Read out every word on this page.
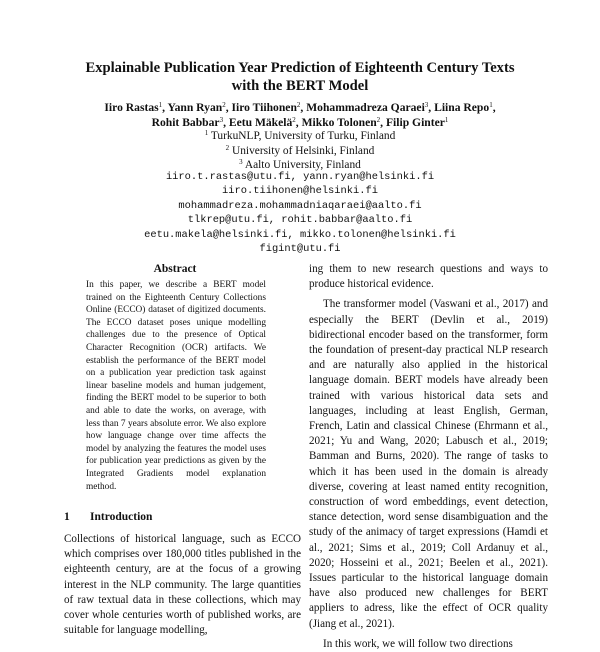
Explainable Publication Year Prediction of Eighteenth Century Texts
with the BERT Model
Iiro Rastas$^1$, Yann Ryan$^2$, Iiro Tiihonen$^2$, Mohammadreza Qaraei$^3$, Liina Repo$^1$,
Rohit Babbar$^3$, Eetu Mäkelä$^2$, Mikko Tolonen$^2$, Filip Ginter$^1$
$^1$ TurkuNLP, University of Turku, Finland
$^2$ University of Helsinki, Finland
$^3$ Aalto University, Finland
iiro.t.rastas@utu.fi, yann.ryan@helsinki.fi
iiro.tiihonen@helsinki.fi
mohammadreza.mohammadniaqaraei@aalto.fi
tlkrep@utu.fi, rohit.babbar@aalto.fi
eetu.makela@helsinki.fi, mikko.tolonen@helsinki.fi
figint@utu.fi
Abstract

In this paper, we describe a BERT model trained on the Eighteenth Century Collections Online (ECCO) dataset of digitized documents. The ECCO dataset poses unique modelling challenges due to the presence of Optical Character Recognition (OCR) artifacts. We establish the performance of the BERT model on a publication year prediction task against linear baseline models and human judgement, finding the BERT model to be superior to both and able to date the works, on average, with less than 7 years absolute error. We also explore how language change over time affects the model by analyzing the features the model uses for publication year predictions as given by the Integrated Gradients model explanation method.

1 Introduction

Collections of historical language, such as ECCO which comprises over 180,000 titles published in the eighteenth century, are at the focus of a growing interest in the NLP community. The large quantities of raw textual data in these collections, which may cover whole centuries worth of published works, are suitable for language modelling,

ing them to new research questions and ways to produce historical evidence.

The transformer model (Vaswani et al., 2017) and especially the BERT (Devlin et al., 2019) bidirectional encoder based on the transformer, form the foundation of present-day practical NLP research and are naturally also applied in the historical language domain. BERT models have already been trained with various historical data sets and languages, including at least English, German, French, Latin and classical Chinese (Ehrmann et al., 2021; Yu and Wang, 2020; Labusch et al., 2019; Bamman and Burns, 2020). The range of tasks to which it has been used in the domain is already diverse, covering at least named entity recognition, construction of word embeddings, event detection, stance detection, word sense disambiguation and the study of the animacy of target expressions (Hamdi et al., 2021; Sims et al., 2019; Coll Ardanuy et al., 2020; Hosseini et al., 2021; Beelen et al., 2021). Issues particular to the historical language domain have also produced new challenges for BERT appliers to adress, like the effect of OCR quality (Jiang et al., 2021).

In this work, we will follow two directions
